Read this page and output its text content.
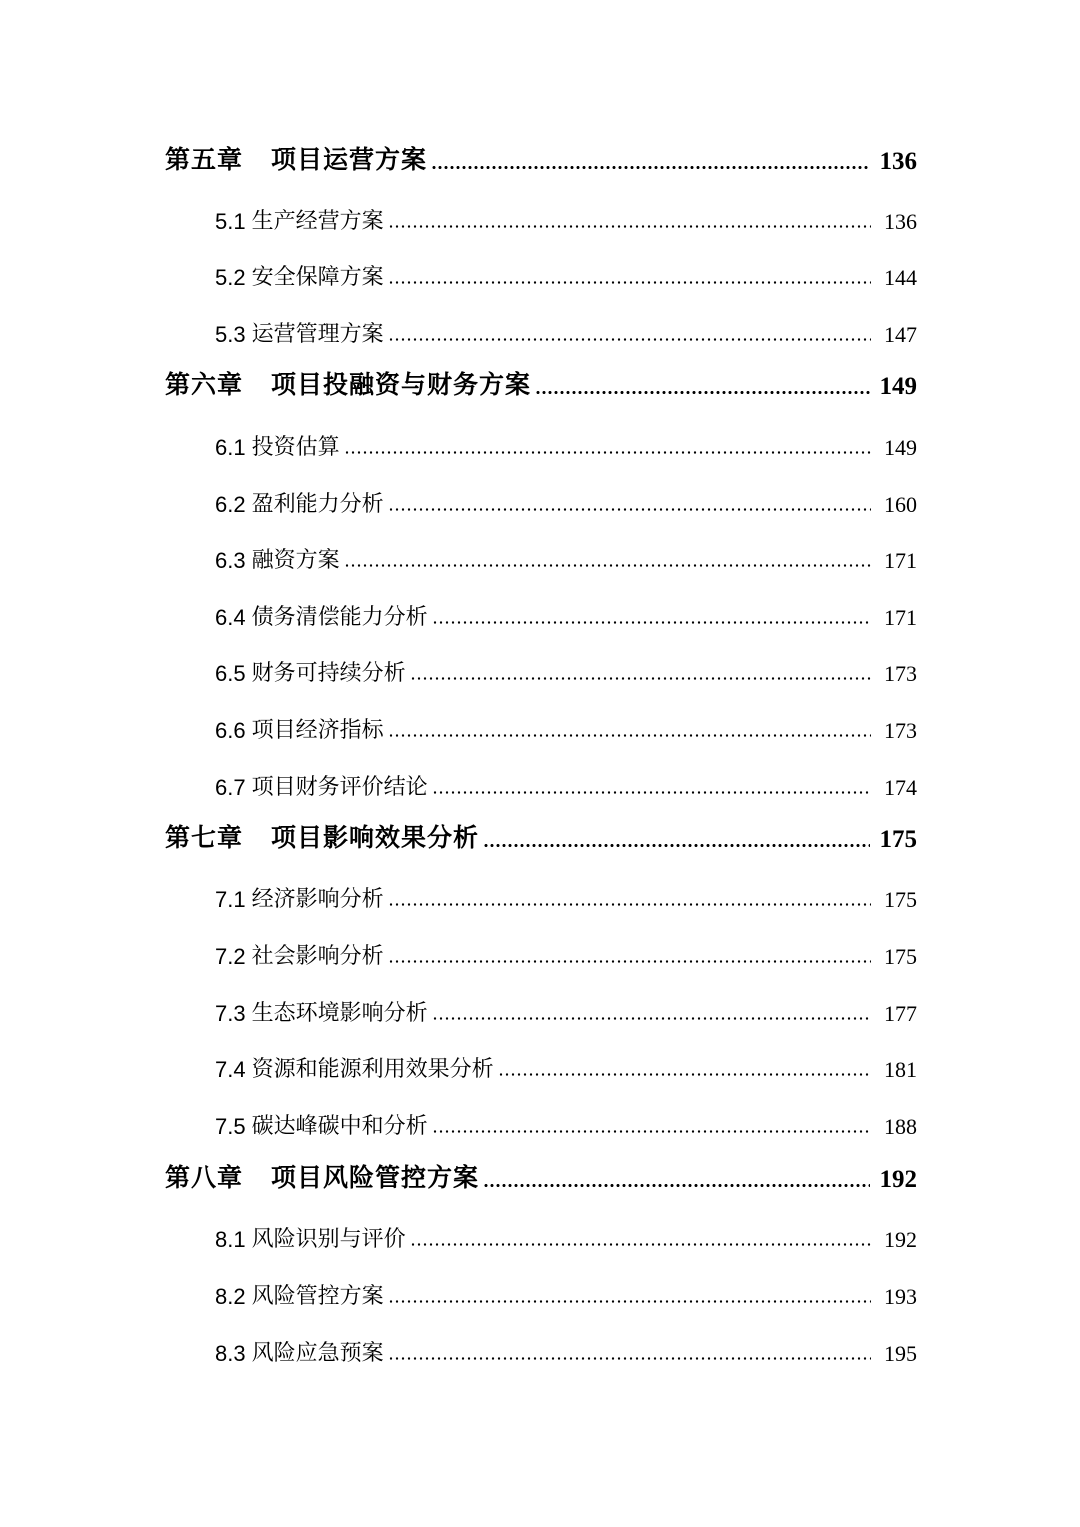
第五章 项目运营方案	136
5.1 生产经营方案	136
5.2 安全保障方案	144
5.3 运营管理方案	147
第六章 项目投融资与财务方案	149
6.1 投资估算	149
6.2 盈利能力分析	160
6.3 融资方案	171
6.4 债务清偿能力分析	171
6.5 财务可持续分析	173
6.6 项目经济指标	173
6.7 项目财务评价结论	174
第七章 项目影响效果分析	175
7.1 经济影响分析	175
7.2 社会影响分析	175
7.3 生态环境影响分析	177
7.4 资源和能源利用效果分析	181
7.5 碳达峰碳中和分析	188
第八章 项目风险管控方案	192
8.1 风险识别与评价	192
8.2 风险管控方案	193
8.3 风险应急预案	195
